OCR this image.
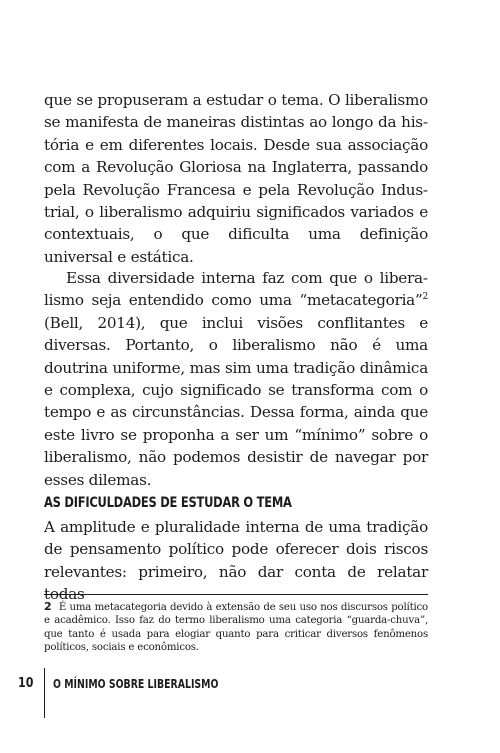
que se propuseram a estudar o tema. O liberalismo se manifesta de maneiras distintas ao longo da história e em diferentes locais. Desde sua associação com a Revolução Gloriosa na Inglaterra, passando pela Revolução Francesa e pela Revolução Industrial, o liberalismo adquiriu significados variados e contextuais, o que dificulta uma definição universal e estática.

Essa diversidade interna faz com que o liberalismo seja entendido como uma “metacategoria”$^2$ (Bell, 2014), que inclui visões conflitantes e diversas. Portanto, o liberalismo não é uma doutrina uniforme, mas sim uma tradição dinâmica e complexa, cujo significado se transforma com o tempo e as circunstâncias. Dessa forma, ainda que este livro se proponha a ser um “mínimo” sobre o liberalismo, não podemos desistir de navegar por esses dilemas.

AS DIFICULDADES DE ESTUDAR O TEMA

A amplitude e pluralidade interna de uma tradição de pensamento político pode oferecer dois riscos relevantes: primeiro, não dar conta de relatar todas

2 É uma metacategoria devido à extensão de seu uso nos discursos político e acadêmico. Isso faz do termo liberalismo uma categoria “guarda-chuva”, que tanto é usada para elogiar quanto para criticar diversos fenômenos políticos, sociais e econômicos.
10 O MÍNIMO SOBRE LIBERALISMO
